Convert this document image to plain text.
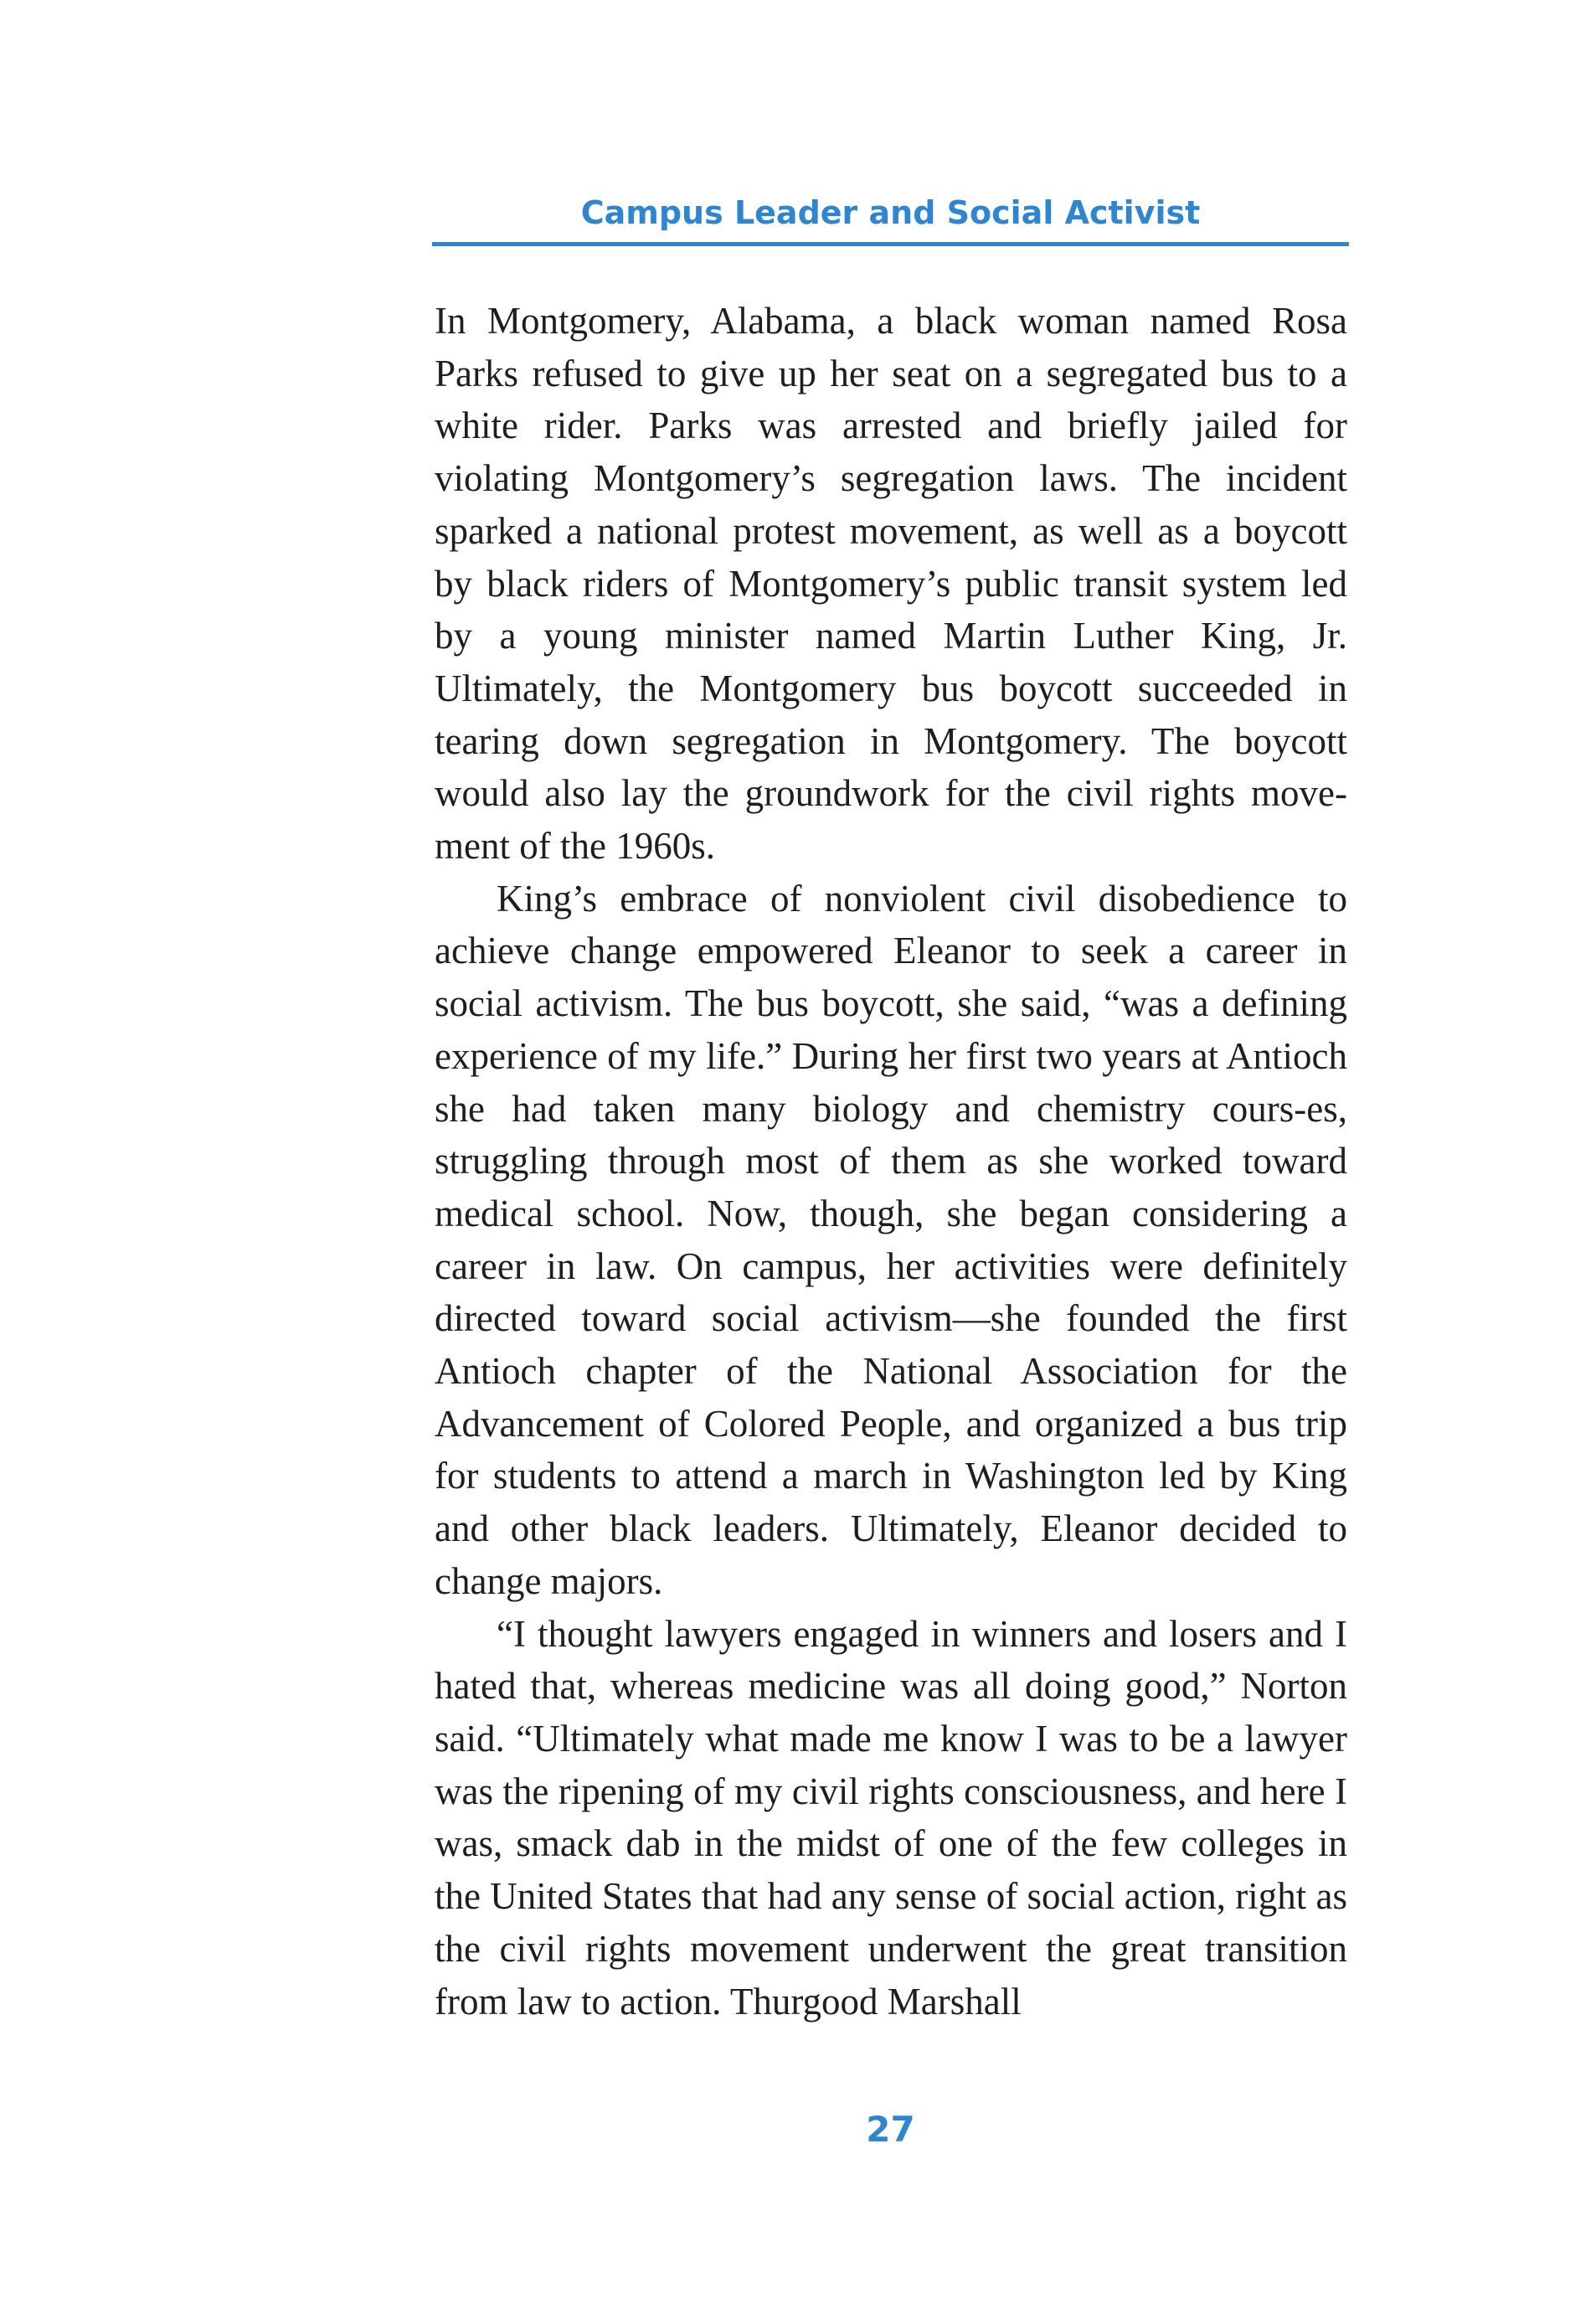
Campus Leader and Social Activist

In Montgomery, Alabama, a black woman named Rosa Parks refused to give up her seat on a segregated bus to a white rider. Parks was arrested and briefly jailed for violating Montgomery’s segregation laws. The incident sparked a national protest movement, as well as a boycott by black riders of Montgomery’s public transit system led by a young minister named Martin Luther King, Jr. Ultimately, the Montgomery bus boycott succeeded in tearing down segregation in Montgomery. The boycott would also lay the groundwork for the civil rights move-ment of the 1960s.

King’s embrace of nonviolent civil disobedience to achieve change empowered Eleanor to seek a career in social activism. The bus boycott, she said, “was a defining experience of my life.” During her first two years at Antioch she had taken many biology and chemistry cours-es, struggling through most of them as she worked toward medical school. Now, though, she began considering a career in law. On campus, her activities were definitely directed toward social activism—she founded the first Antioch chapter of the National Association for the Advancement of Colored People, and organized a bus trip for students to attend a march in Washington led by King and other black leaders. Ultimately, Eleanor decided to change majors.

“I thought lawyers engaged in winners and losers and I hated that, whereas medicine was all doing good,” Norton said. “Ultimately what made me know I was to be a lawyer was the ripening of my civil rights consciousness, and here I was, smack dab in the midst of one of the few colleges in the United States that had any sense of social action, right as the civil rights movement underwent the great transition from law to action. Thurgood Marshall

27
